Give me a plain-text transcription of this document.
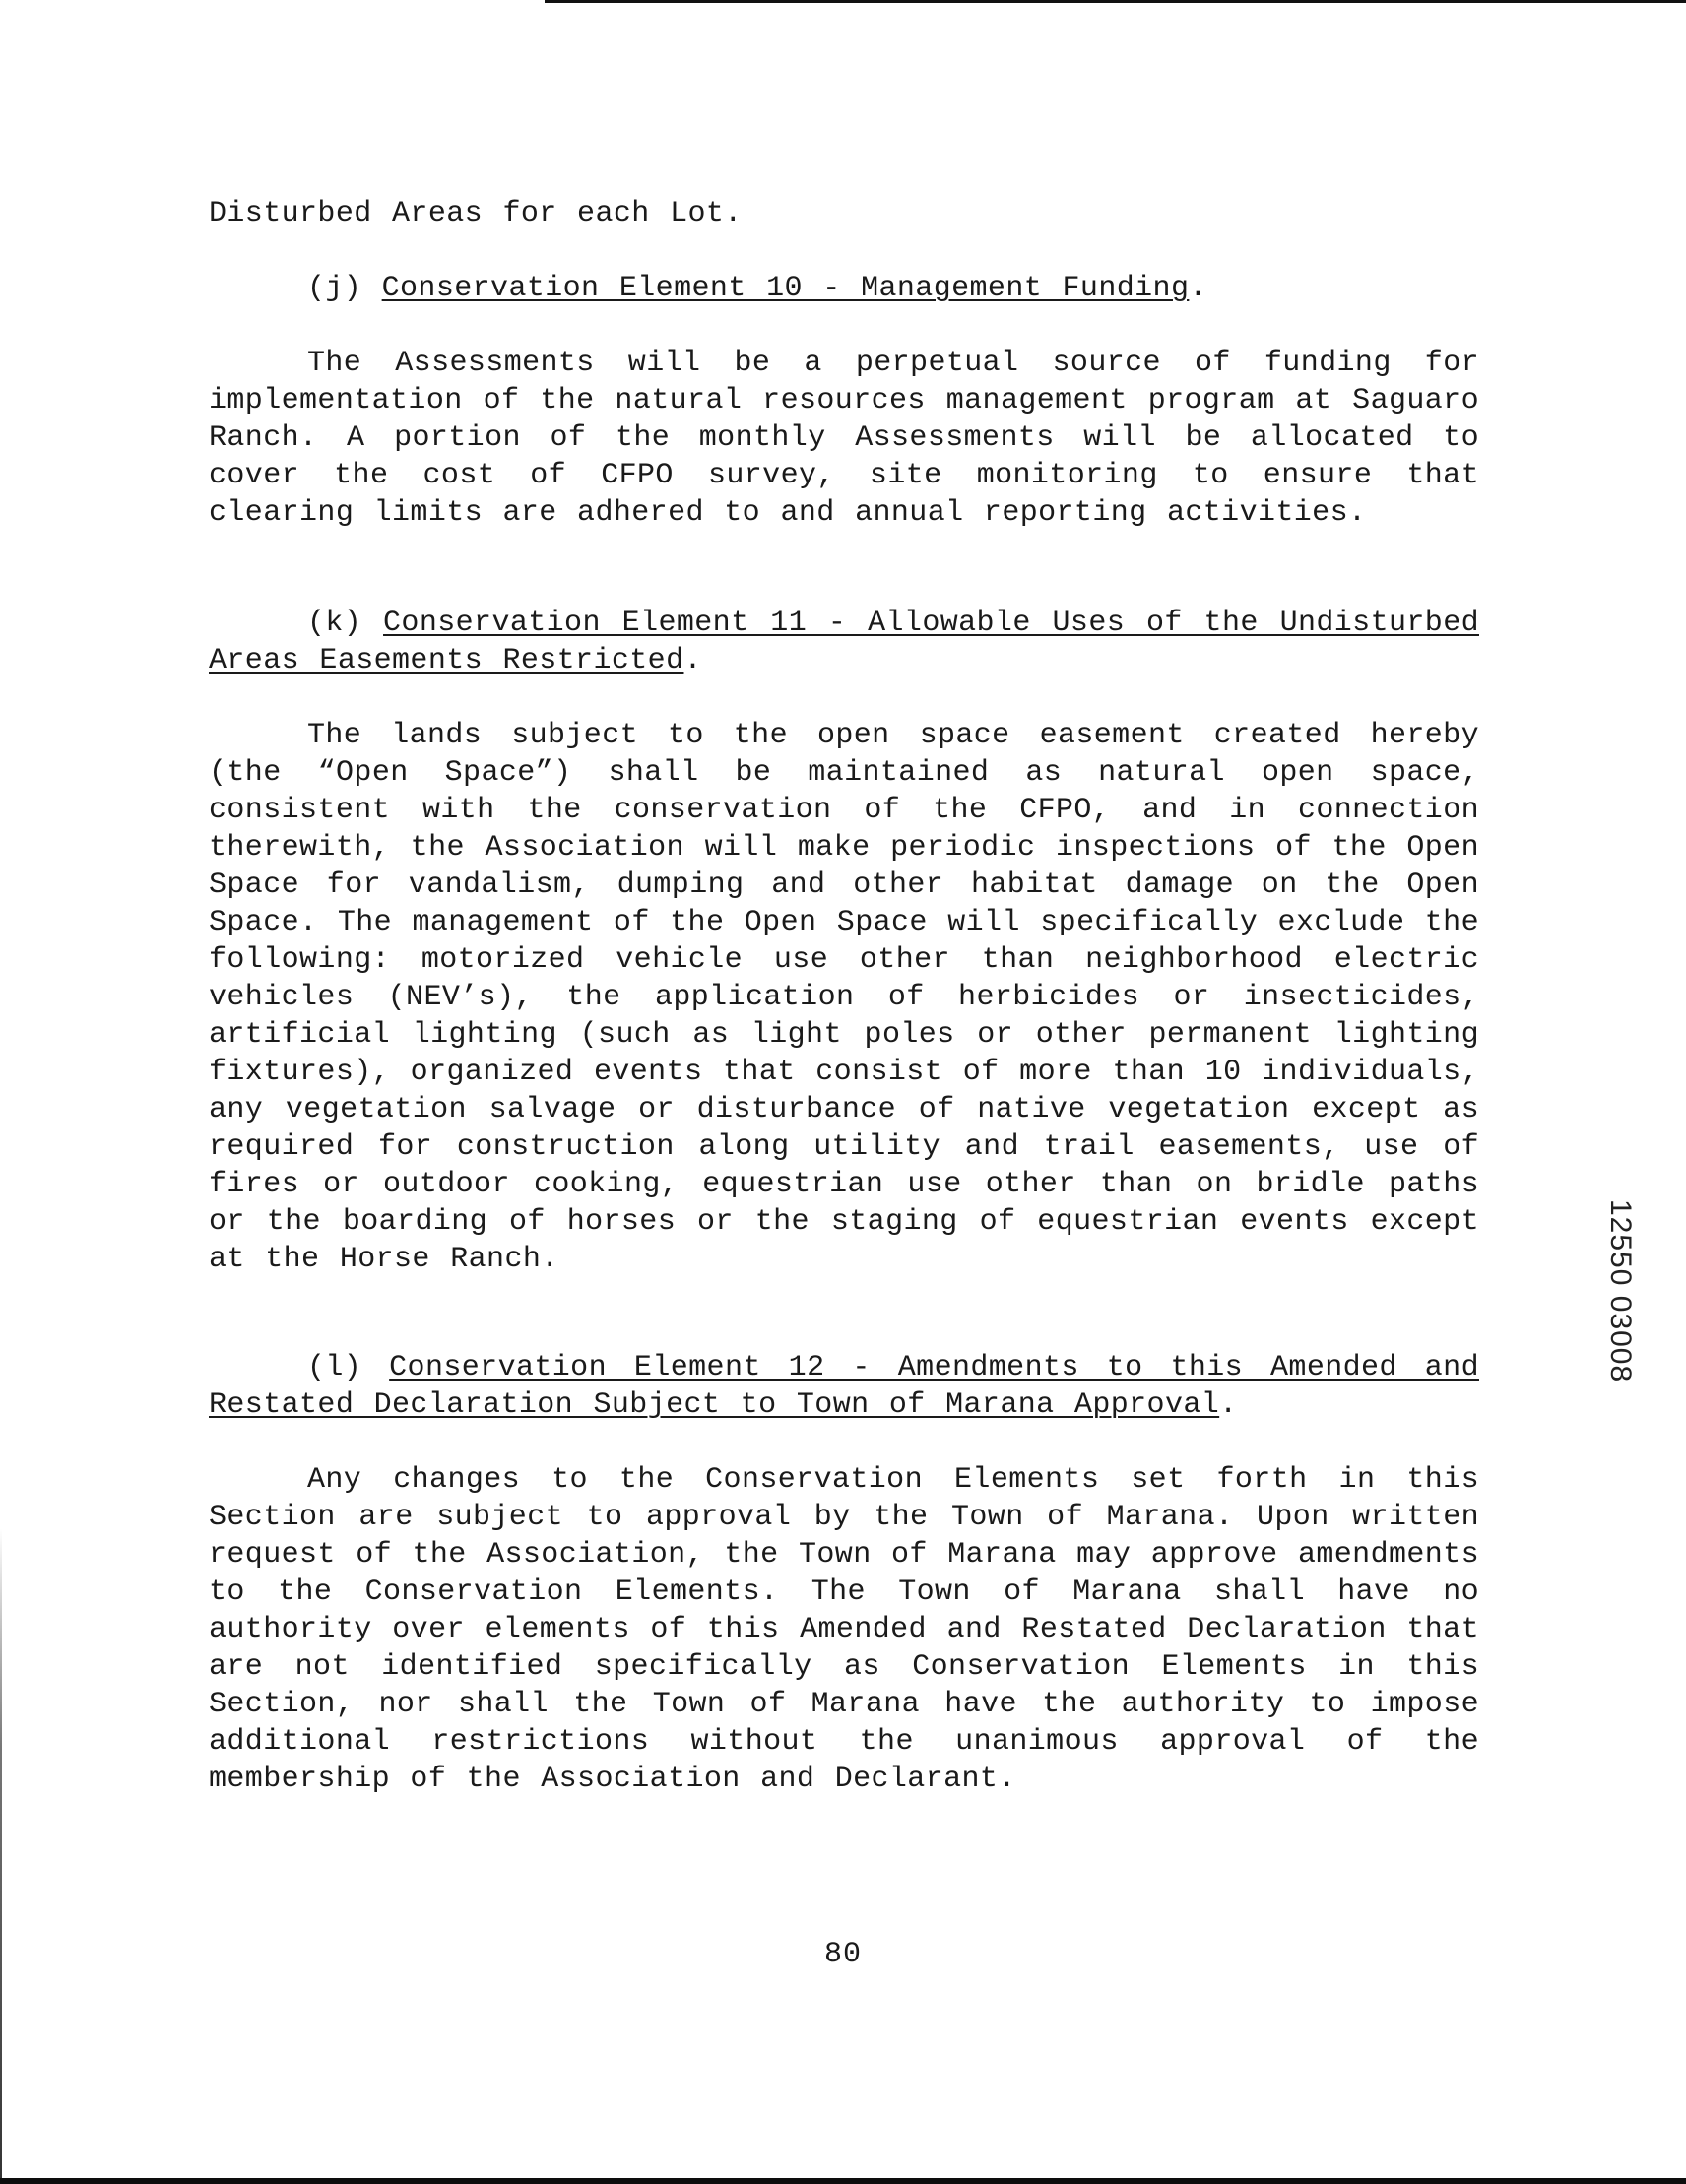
Disturbed Areas for each Lot.

(j) Conservation Element 10 - Management Funding.

The Assessments will be a perpetual source of funding for implementation of the natural resources management program at Saguaro Ranch. A portion of the monthly Assessments will be allocated to cover the cost of CFPO survey, site monitoring to ensure that clearing limits are adhered to and annual reporting activities.

(k) Conservation Element 11 - Allowable Uses of the Undisturbed Areas Easements Restricted.

The lands subject to the open space easement created hereby (the “Open Space”) shall be maintained as natural open space, consistent with the conservation of the CFPO, and in connection therewith, the Association will make periodic inspections of the Open Space for vandalism, dumping and other habitat damage on the Open Space. The management of the Open Space will specifically exclude the following: motorized vehicle use other than neighborhood electric vehicles (NEV’s), the application of herbicides or insecticides, artificial lighting (such as light poles or other permanent lighting fixtures), organized events that consist of more than 10 individuals, any vegetation salvage or disturbance of native vegetation except as required for construction along utility and trail easements, use of fires or outdoor cooking, equestrian use other than on bridle paths or the boarding of horses or the staging of equestrian events except at the Horse Ranch.

(l) Conservation Element 12 - Amendments to this Amended and Restated Declaration Subject to Town of Marana Approval.

Any changes to the Conservation Elements set forth in this Section are subject to approval by the Town of Marana. Upon written request of the Association, the Town of Marana may approve amendments to the Conservation Elements. The Town of Marana shall have no authority over elements of this Amended and Restated Declaration that are not identified specifically as Conservation Elements in this Section, nor shall the Town of Marana have the authority to impose additional restrictions without the unanimous approval of the membership of the Association and Declarant.

80
12550 03008
